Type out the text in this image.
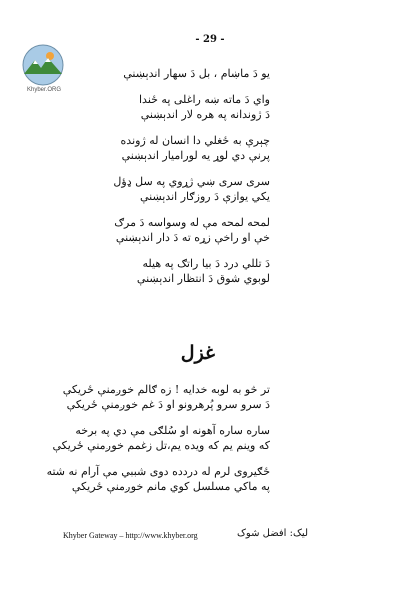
Khyber.ORG
- 29 -
یو دَ ماښام ، بل دَ سهار اندېښنې
واي دَ ماته ښه راغلی په ځندا
دَ ژوندانه په هره لار اندېښنې
چېرې به ځغلي دا انسان له ژونده
پرنې دي لوړ يه لوراميار اندېښنې
سری سری ښي ژړوي په سل ډؤل
يکي يوازې دَ روزګار اندېښنې
لمحه لمحه مې له وسواسه دَ مرګ
خې او راخې زړه ته دَ دار اندېښنې
دَ تللي درد دَ بيا راتګ په هيله
لوبوي شوق دَ انتظار اندېښنې
غزل
تر څو به لوبه خدايه ! زه ګالم خوږمنې ځريکې
دَ سرو سرو پُرهرونو او دَ غم خوږمنې ځريکې
ساره ساره آهونه او سُلګی مې دي په برخه
که وينم يم که ويده يم،تل زغمم خوږمنې ځريکې
ځګيروی لرم له دردده دوی شببي مې آرام نه شته
په ماکي مسلسل کوي مانم خوږمنې ځريکې
Khyber Gateway – http://www.khyber.org	ليک: افضل شوک
